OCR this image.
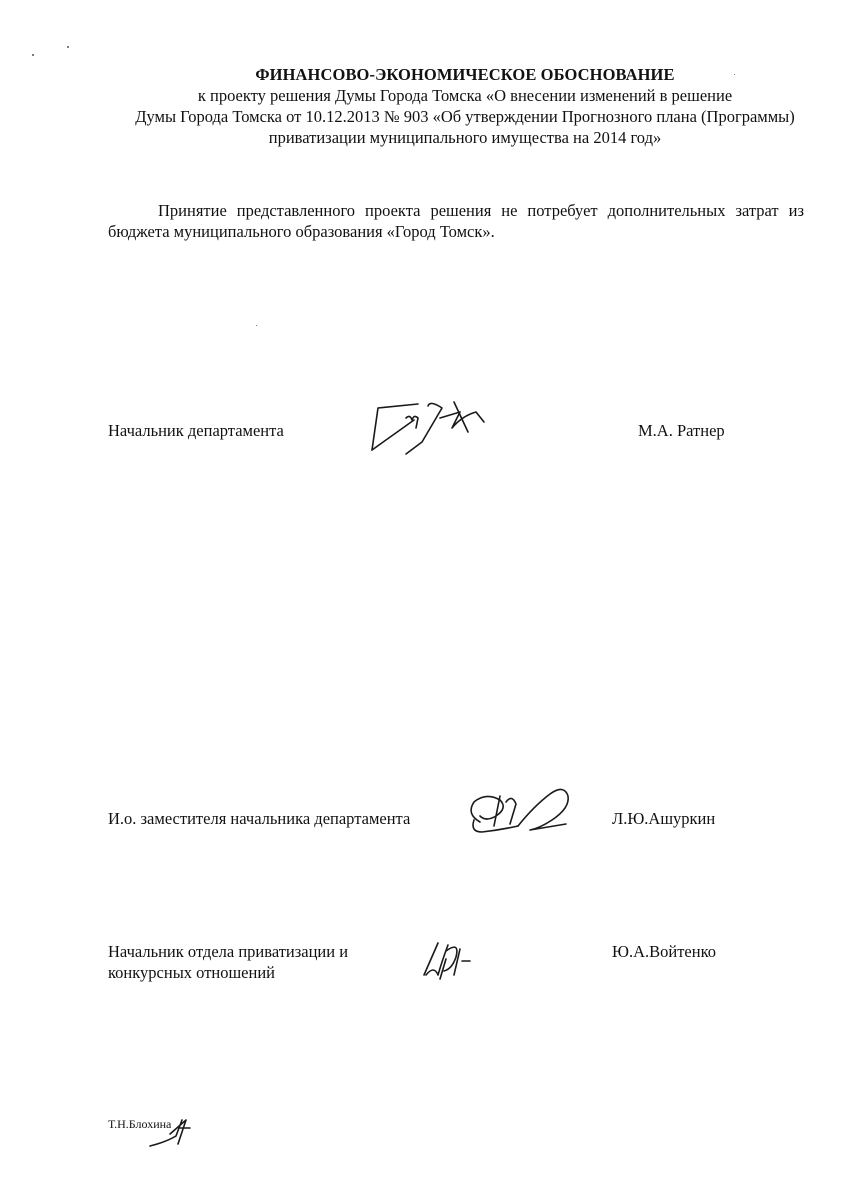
ФИНАНСОВО-ЭКОНОМИЧЕСКОЕ ОБОСНОВАНИЕ
к проекту решения Думы Города Томска «О внесении изменений в решение
Думы Города Томска от 10.12.2013 № 903 «Об утверждении Прогнозного плана (Программы)
приватизации муниципального имущества на 2014 год»
Принятие представленного проекта решения не потребует дополнительных затрат из бюджета муниципального образования «Город Томск».
Начальник департамента	М.А. Ратнер
И.о. заместителя начальника департамента	Л.Ю.Ашуркин
Начальник отдела приватизации и
конкурсных отношений
Ю.А.Войтенко
Т.Н.Блохина
